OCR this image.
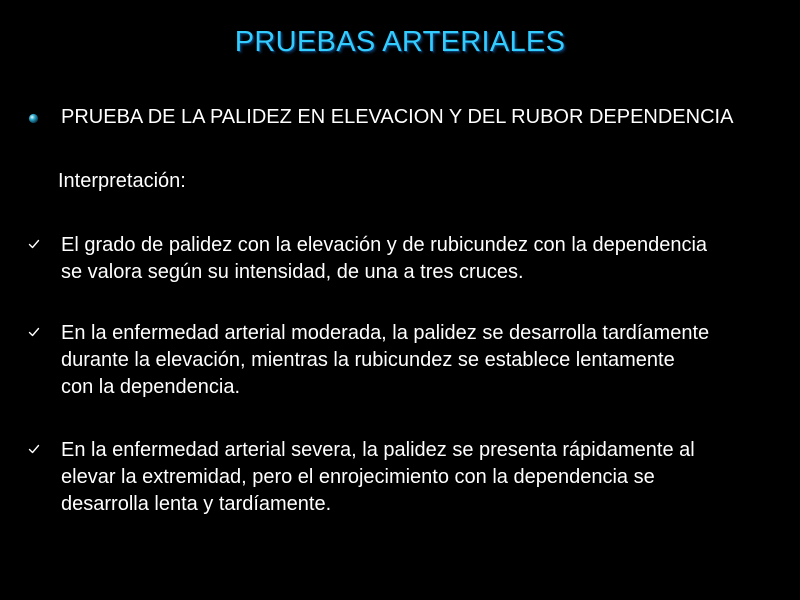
PRUEBAS ARTERIALES
PRUEBA DE LA PALIDEZ EN ELEVACION Y DEL RUBOR DEPENDENCIA
Interpretación:
El grado de palidez con la elevación y de rubicundez con la dependencia
se valora según su intensidad, de una a tres cruces.
En la enfermedad arterial moderada, la palidez se desarrolla tardíamente
durante la elevación, mientras la rubicundez se establece lentamente
con la dependencia.
En la enfermedad arterial severa, la palidez se presenta rápidamente al
elevar la extremidad, pero el enrojecimiento con la dependencia se
desarrolla lenta y tardíamente.
